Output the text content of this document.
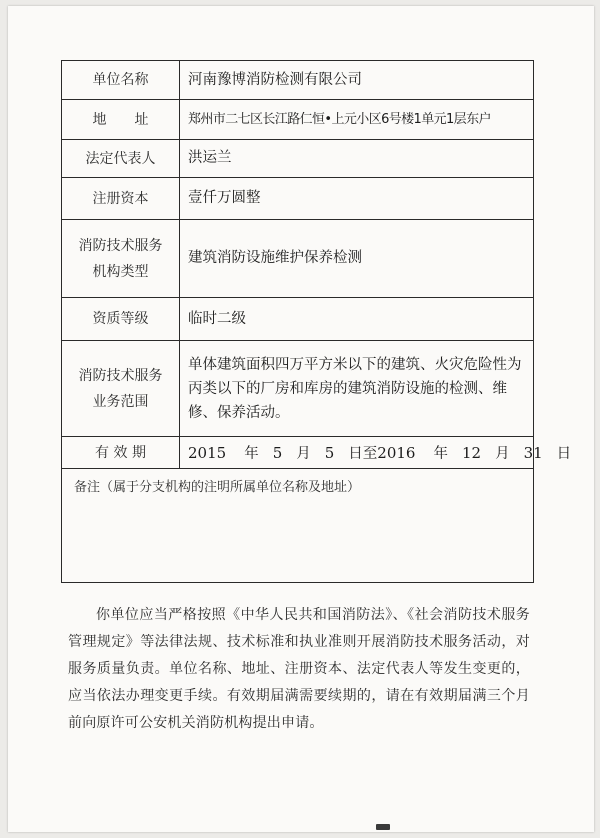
单位名称	河南豫博消防检测有限公司
地　　址	郑州市二七区长江路仁恒•上元小区6号楼1单元1层东户
法定代表人	洪运兰
注册资本	壹仟万圆整

消防技术服务
机构类型	建筑消防设施维护保养检测
资质等级	临时二级

消防技术服务
业务范围	单体建筑面积四万平方米以下的建筑、火灾危险性为丙类以下的厂房和库房的建筑消防设施的检测、维修、保养活动。
有 效 期	2015 年 5 月 5 日至2016 年 12 月 31 日
备注（属于分支机构的注明所属单位名称及地址）	

你单位应当严格按照《中华人民共和国消防法》、《社会消防技术服务管理规定》等法律法规、技术标准和执业准则开展消防技术服务活动，对服务质量负责。单位名称、地址、注册资本、法定代表人等发生变更的，应当依法办理变更手续。有效期届满需要续期的，请在有效期届满三个月前向原许可公安机关消防机构提出申请。
